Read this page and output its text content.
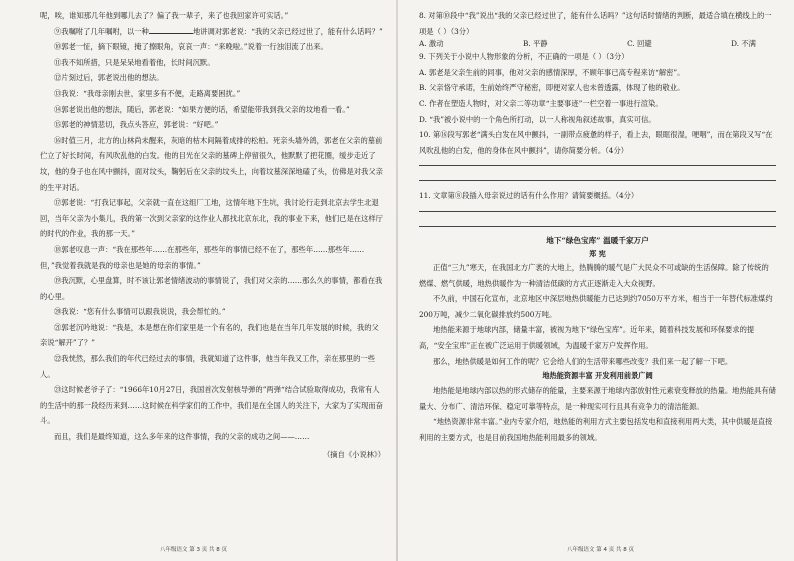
呢，唉，谁知那几年他到哪儿去了？偏了我一辈子，来了也我回家许可实话。”

⑨我嘱咐了几年嘱咐，以一种	地讲调对郭老说：“我的父亲已经过世了，能有什么话吗？”

⑩郭老一怔，摘下眼镜，掩了擦眼角，哀哀一声：“来晚啦。”说着一行浊泪流了出来。

⑪我不知所措，只是呆呆地看着他，长时间沉默。

⑫片刻过后，郭老说出他的想法。

⑬我说：“我母亲刚去世，家里多有不便，走路离要困扰。”

⑭郭老说出他的想法，随后，郭老说：“如果方便的话，希望能带我到我父亲的坟地看一看。”

⑮郭老的神情悲切，我点头答应，郭老说：“好吧。”

⑯时值三月，北方的山林尚未醒来，灰暗的枯木间隔着成排的松柏。死亲头墙外鸽，郭老在父亲的墓前伫立了好长时间，有风吹乱他的白发。他的目光在父亲的墓碑上停留很久，他默默了把花圈，缓步走近了坟，他的身子也在风中颤抖，面对坟头，鞠躬后在父亲的坟头上，向着坟墓深深地磕了头，仿佛是对我父亲的生平对话。

⑰郭老说：“打我记事起，父亲就一直在这组厂工地，这情年地下生坑，我讨论行走到北京去学生北退回，当年父亲为小集儿，我的第一次到父亲家的这作业人都找北京东北，我的事业下来，他们已是在这样厅的时代的作业，我的那一天。”

⑱郭老叹息一声：“我在那些年……在那些年，那些年的事情已经不在了，那些年……那些年……但，”我觉着我就是我的母亲也是她的母亲的事情。”

⑲我沉默，心里盘算，时不该让郭老情绪波动的事情说了，我们对父亲的……那么久的事情，都看在我的心里。

⑳我说：“您有什么事情可以跟我说说，我会帮忙的。”

㉑郭老沉吟地说：“我是，本是想在你们家里是一个有名的，我们也是在当年几年发展的时候，我的父亲说“解开”了？”

㉒我恍然，那么我们的年代已经过去的事情，我就知道了这件事，他当年我又工作，亲在那里的一些人。

㉓这时候老爷子了：“1966年10月27日，我国首次发射核导弹的”两弹“结合试验取得成功，我常有人的生活中的那一段经历来到……这时候在科学家们的工作中，我们是在全国人的关注下，大家为了实现而奋斗。

而且，我们是最终知道，这么多年来的这件事情，我的父亲的成功之间——……

（摘自《小说林》）

八年级语文 第 3 页 共 8 页

8. 对第⑩段中“我”说出“我的父亲已经过世了，能有什么话吗？”这句话时情绪的判断，最适合填在横线上的一项是（ ）（3分）

A. 激动	B. 平静	C. 回避	D. 不满

9. 下列关于小说中人物形象的分析，不正确的一项是（ ）（3分）

A. 郭老是父亲生前的同事，他对父亲的感情深厚，不顾年事已高专程来访“解密”。

B. 父亲恪守承诺，生前始终严守秘密，即便对家人也未曾透露，体现了他的敬业。

C. 作者在塑造人物时，对父亲二等功章“主要事迹”一栏空着一事进行渲染。

D. “我”被小说中的一个角色所打动，以一人称视角叙述故事，真实可信。

10. 第⑯段写郭老“满头白发在风中颤抖，一副带点疲惫的样子，看上去，眼眶很湿，哽咽”，而在第段又写“在风吹乱他的白发，他的身体在风中颤抖”，请你简要分析。（4分）

11. 文章第⑧段插入母亲说过的话有什么作用？请简要概括。（4分）

地下“绿色宝库” 温暖千家万户
郑 宪

正值“三九”寒天，在我国北方广袤的大地上，热腾腾的暖气是广大民众不可或缺的生活保障。除了传统的燃煤、燃气供暖，地热供暖作为一种清洁低碳的方式正逐渐走入大众视野。

不久前，中国石化宣布，北京地区中深层地热供暖能力已达到约7050万平方米，相当于一年替代标准煤约200万吨，减少二氧化碳排放约500万吨。

地热能来源于地球内部，储量丰富，被视为地下“绿色宝库”。近年来，随着科技发展和环保要求的提高，“安全宝库”正在被广泛运用于供暖领域，为温暖千家万户发挥作用。

那么，地热供暖是如何工作的呢？它会给人们的生活带来哪些改变？我们来一起了解一下吧。

地热能资源丰富 开发利用前景广阔

地热能是地球内部以热的形式储存的能量，主要来源于地球内部放射性元素衰变释放的热量。地热能具有储量大、分布广、清洁环保、稳定可靠等特点，是一种现实可行且具有竞争力的清洁能源。

“地热资源非常丰富。”业内专家介绍，地热能的利用方式主要包括发电和直接利用两大类，其中供暖是直接利用的主要方式，也是目前我国地热能利用最多的领域。

八年级语文 第 4 页 共 8 页
